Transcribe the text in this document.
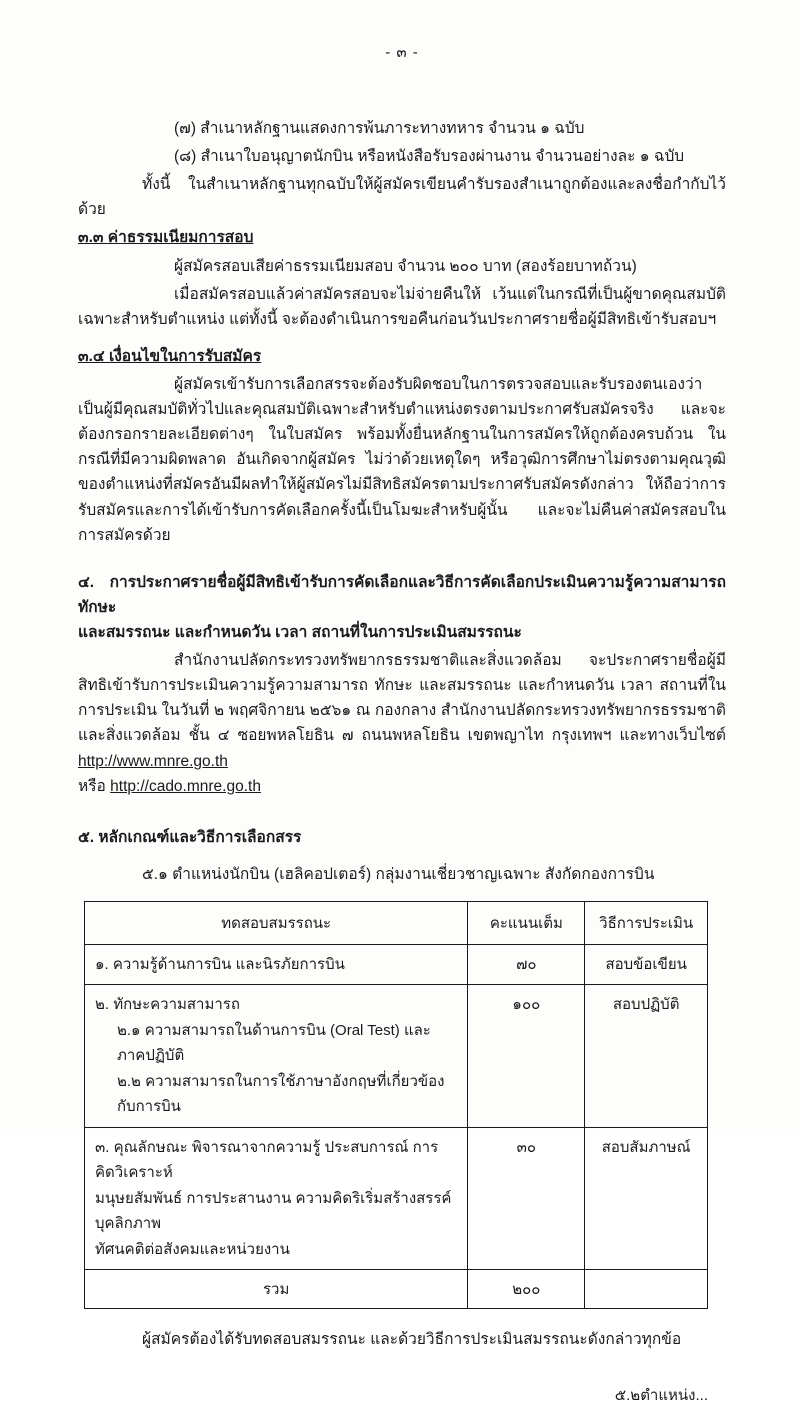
- ๓ -

(๗) สำเนาหลักฐานแสดงการพ้นภาระทางทหาร จำนวน ๑ ฉบับ

(๘) สำเนาใบอนุญาตนักบิน หรือหนังสือรับรองผ่านงาน จำนวนอย่างละ ๑ ฉบับ

ทั้งนี้ ในสำเนาหลักฐานทุกฉบับให้ผู้สมัครเขียนคำรับรองสำเนาถูกต้องและลงชื่อกำกับไว้ด้วย

๓.๓ ค่าธรรมเนียมการสอบ

ผู้สมัครสอบเสียค่าธรรมเนียมสอบ จำนวน ๒๐๐ บาท (สองร้อยบาทถ้วน)

เมื่อสมัครสอบแล้วค่าสมัครสอบจะไม่จ่ายคืนให้ เว้นแต่ในกรณีที่เป็นผู้ขาดคุณสมบัติเฉพาะสำหรับตำแหน่ง แต่ทั้งนี้ จะต้องดำเนินการขอคืนก่อนวันประกาศรายชื่อผู้มีสิทธิเข้ารับสอบฯ

๓.๔ เงื่อนไขในการรับสมัคร

ผู้สมัครเข้ารับการเลือกสรรจะต้องรับผิดชอบในการตรวจสอบและรับรองตนเองว่า เป็นผู้มีคุณสมบัติทั่วไปและคุณสมบัติเฉพาะสำหรับตำแหน่งตรงตามประกาศรับสมัครจริง และจะต้องกรอกรายละเอียดต่างๆ ในใบสมัคร พร้อมทั้งยื่นหลักฐานในการสมัครให้ถูกต้องครบถ้วน ในกรณีที่มีความผิดพลาด อันเกิดจากผู้สมัคร ไม่ว่าด้วยเหตุใดๆ หรือวุฒิการศึกษาไม่ตรงตามคุณวุฒิของตำแหน่งที่สมัครอันมีผลทำให้ผู้สมัครไม่มีสิทธิสมัครตามประกาศรับสมัครดังกล่าว ให้ถือว่าการรับสมัครและการได้เข้ารับการคัดเลือกครั้งนี้เป็นโมฆะสำหรับผู้นั้น และจะไม่คืนค่าสมัครสอบในการสมัครด้วย

๔. การประกาศรายชื่อผู้มีสิทธิเข้ารับการคัดเลือกและวิธีการคัดเลือกประเมินความรู้ความสามารถ ทักษะ

และสมรรถนะ และกำหนดวัน เวลา สถานที่ในการประเมินสมรรถนะ

สำนักงานปลัดกระทรวงทรัพยากรธรรมชาติและสิ่งแวดล้อม จะประกาศรายชื่อผู้มีสิทธิเข้ารับการประเมินความรู้ความสามารถ ทักษะ และสมรรถนะ และกำหนดวัน เวลา สถานที่ในการประเมิน ในวันที่ ๒ พฤศจิกายน ๒๕๖๑ ณ กองกลาง สำนักงานปลัดกระทรวงทรัพยากรธรรมชาติและสิ่งแวดล้อม ชั้น ๔ ซอยพหลโยธิน ๗ ถนนพหลโยธิน เขตพญาไท กรุงเทพฯ และทางเว็บไซต์ http://www.mnre.go.th

หรือ http://cado.mnre.go.th

๕. หลักเกณฑ์และวิธีการเลือกสรร

๕.๑ ตำแหน่งนักบิน (เฮลิคอปเตอร์) กลุ่มงานเชี่ยวชาญเฉพาะ สังกัดกองการบิน

ทดสอบสมรรถนะ	คะแนนเต็ม	วิธีการประเมิน
๑. ความรู้ด้านการบิน และนิรภัยการบิน	๗๐	สอบข้อเขียน
๒. ทักษะความสามารถ
๒.๑ ความสามารถในด้านการบิน (Oral Test) และภาคปฏิบัติ
๒.๒ ความสามารถในการใช้ภาษาอังกฤษที่เกี่ยวข้องกับการบิน	๑๐๐	สอบปฏิบัติ
๓. คุณลักษณะ พิจารณาจากความรู้ ประสบการณ์ การคิดวิเคราะห์
มนุษยสัมพันธ์ การประสานงาน ความคิดริเริ่มสร้างสรรค์ บุคลิกภาพ
ทัศนคติต่อสังคมและหน่วยงาน	๓๐	สอบสัมภาษณ์
รวม	๒๐๐	

ผู้สมัครต้องได้รับทดสอบสมรรถนะ และด้วยวิธีการประเมินสมรรถนะดังกล่าวทุกข้อ

๕.๒ตำแหน่ง...
